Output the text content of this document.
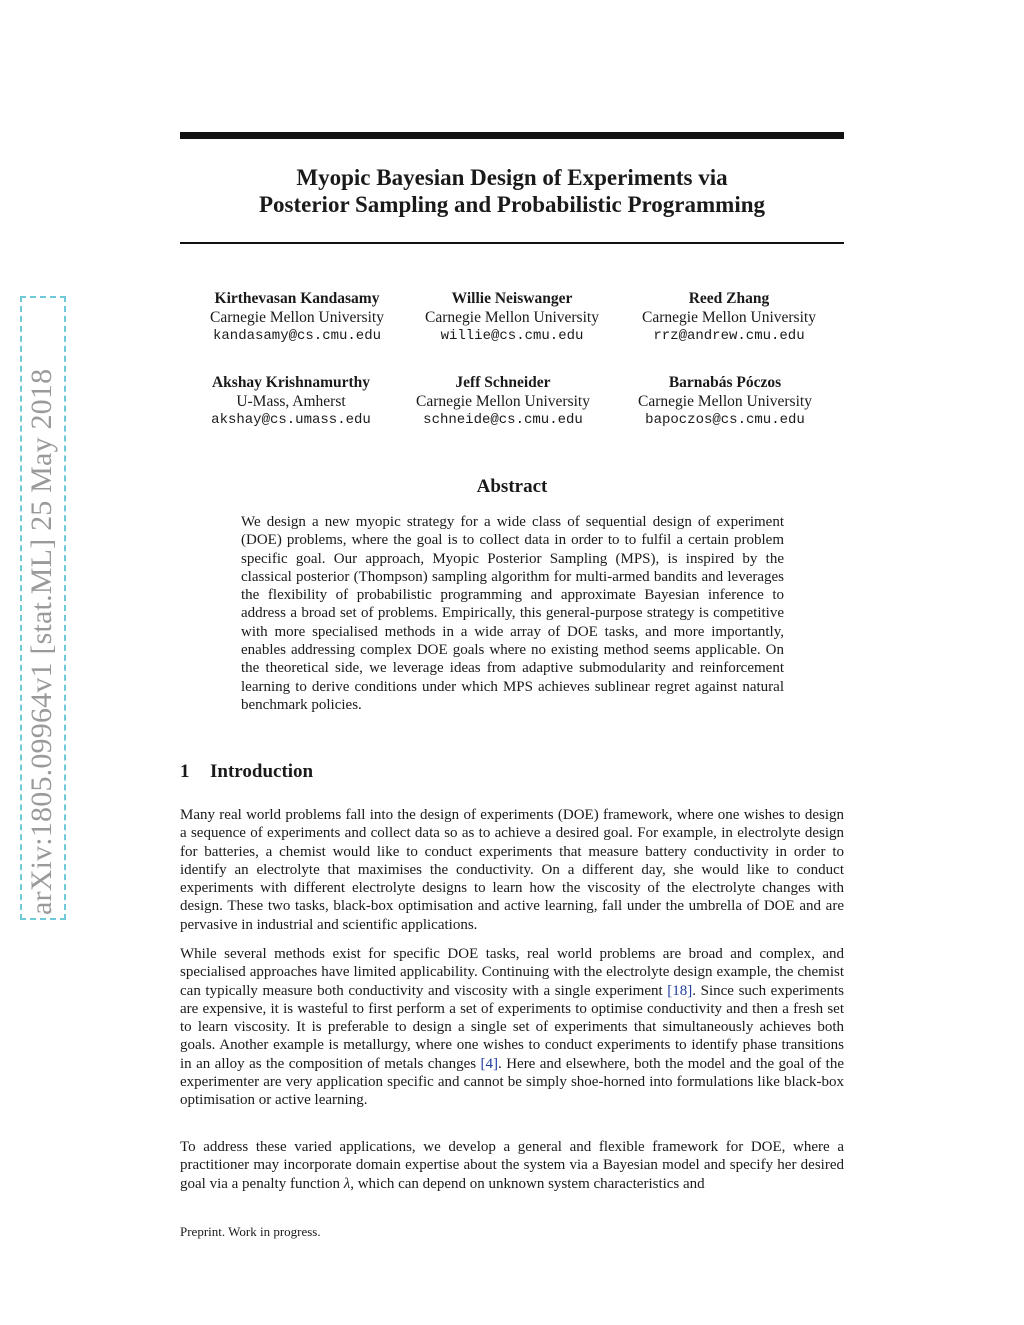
arXiv:1805.09964v1 [stat.ML] 25 May 2018
Myopic Bayesian Design of Experiments via
Posterior Sampling and Probabilistic Programming
Kirthevasan Kandasamy
Carnegie Mellon University
kandasamy@cs.cmu.edu
Willie Neiswanger
Carnegie Mellon University
willie@cs.cmu.edu
Reed Zhang
Carnegie Mellon University
rrz@andrew.cmu.edu
Akshay Krishnamurthy
U-Mass, Amherst
akshay@cs.umass.edu
Jeff Schneider
Carnegie Mellon University
schneide@cs.cmu.edu
Barnabás Póczos
Carnegie Mellon University
bapoczos@cs.cmu.edu
Abstract

We design a new myopic strategy for a wide class of sequential design of experiment (DOE) problems, where the goal is to collect data in order to to fulfil a certain problem specific goal. Our approach, Myopic Posterior Sampling (MPS), is inspired by the classical posterior (Thompson) sampling algorithm for multi-armed bandits and leverages the flexibility of probabilistic programming and approximate Bayesian inference to address a broad set of problems. Empirically, this general-purpose strategy is competitive with more specialised methods in a wide array of DOE tasks, and more importantly, enables addressing complex DOE goals where no existing method seems applicable. On the theoretical side, we leverage ideas from adaptive submodularity and reinforcement learning to derive conditions under which MPS achieves sublinear regret against natural benchmark policies.

1 Introduction

Many real world problems fall into the design of experiments (DOE) framework, where one wishes to design a sequence of experiments and collect data so as to achieve a desired goal. For example, in electrolyte design for batteries, a chemist would like to conduct experiments that measure battery conductivity in order to identify an electrolyte that maximises the conductivity. On a different day, she would like to conduct experiments with different electrolyte designs to learn how the viscosity of the electrolyte changes with design. These two tasks, black-box optimisation and active learning, fall under the umbrella of DOE and are pervasive in industrial and scientific applications.

While several methods exist for specific DOE tasks, real world problems are broad and complex, and specialised approaches have limited applicability. Continuing with the electrolyte design example, the chemist can typically measure both conductivity and viscosity with a single experiment [18]. Since such experiments are expensive, it is wasteful to first perform a set of experiments to optimise conductivity and then a fresh set to learn viscosity. It is preferable to design a single set of experiments that simultaneously achieves both goals. Another example is metallurgy, where one wishes to conduct experiments to identify phase transitions in an alloy as the composition of metals changes [4]. Here and elsewhere, both the model and the goal of the experimenter are very application specific and cannot be simply shoe-horned into formulations like black-box optimisation or active learning.

To address these varied applications, we develop a general and flexible framework for DOE, where a practitioner may incorporate domain expertise about the system via a Bayesian model and specify her desired goal via a penalty function λ, which can depend on unknown system characteristics and

Preprint. Work in progress.
